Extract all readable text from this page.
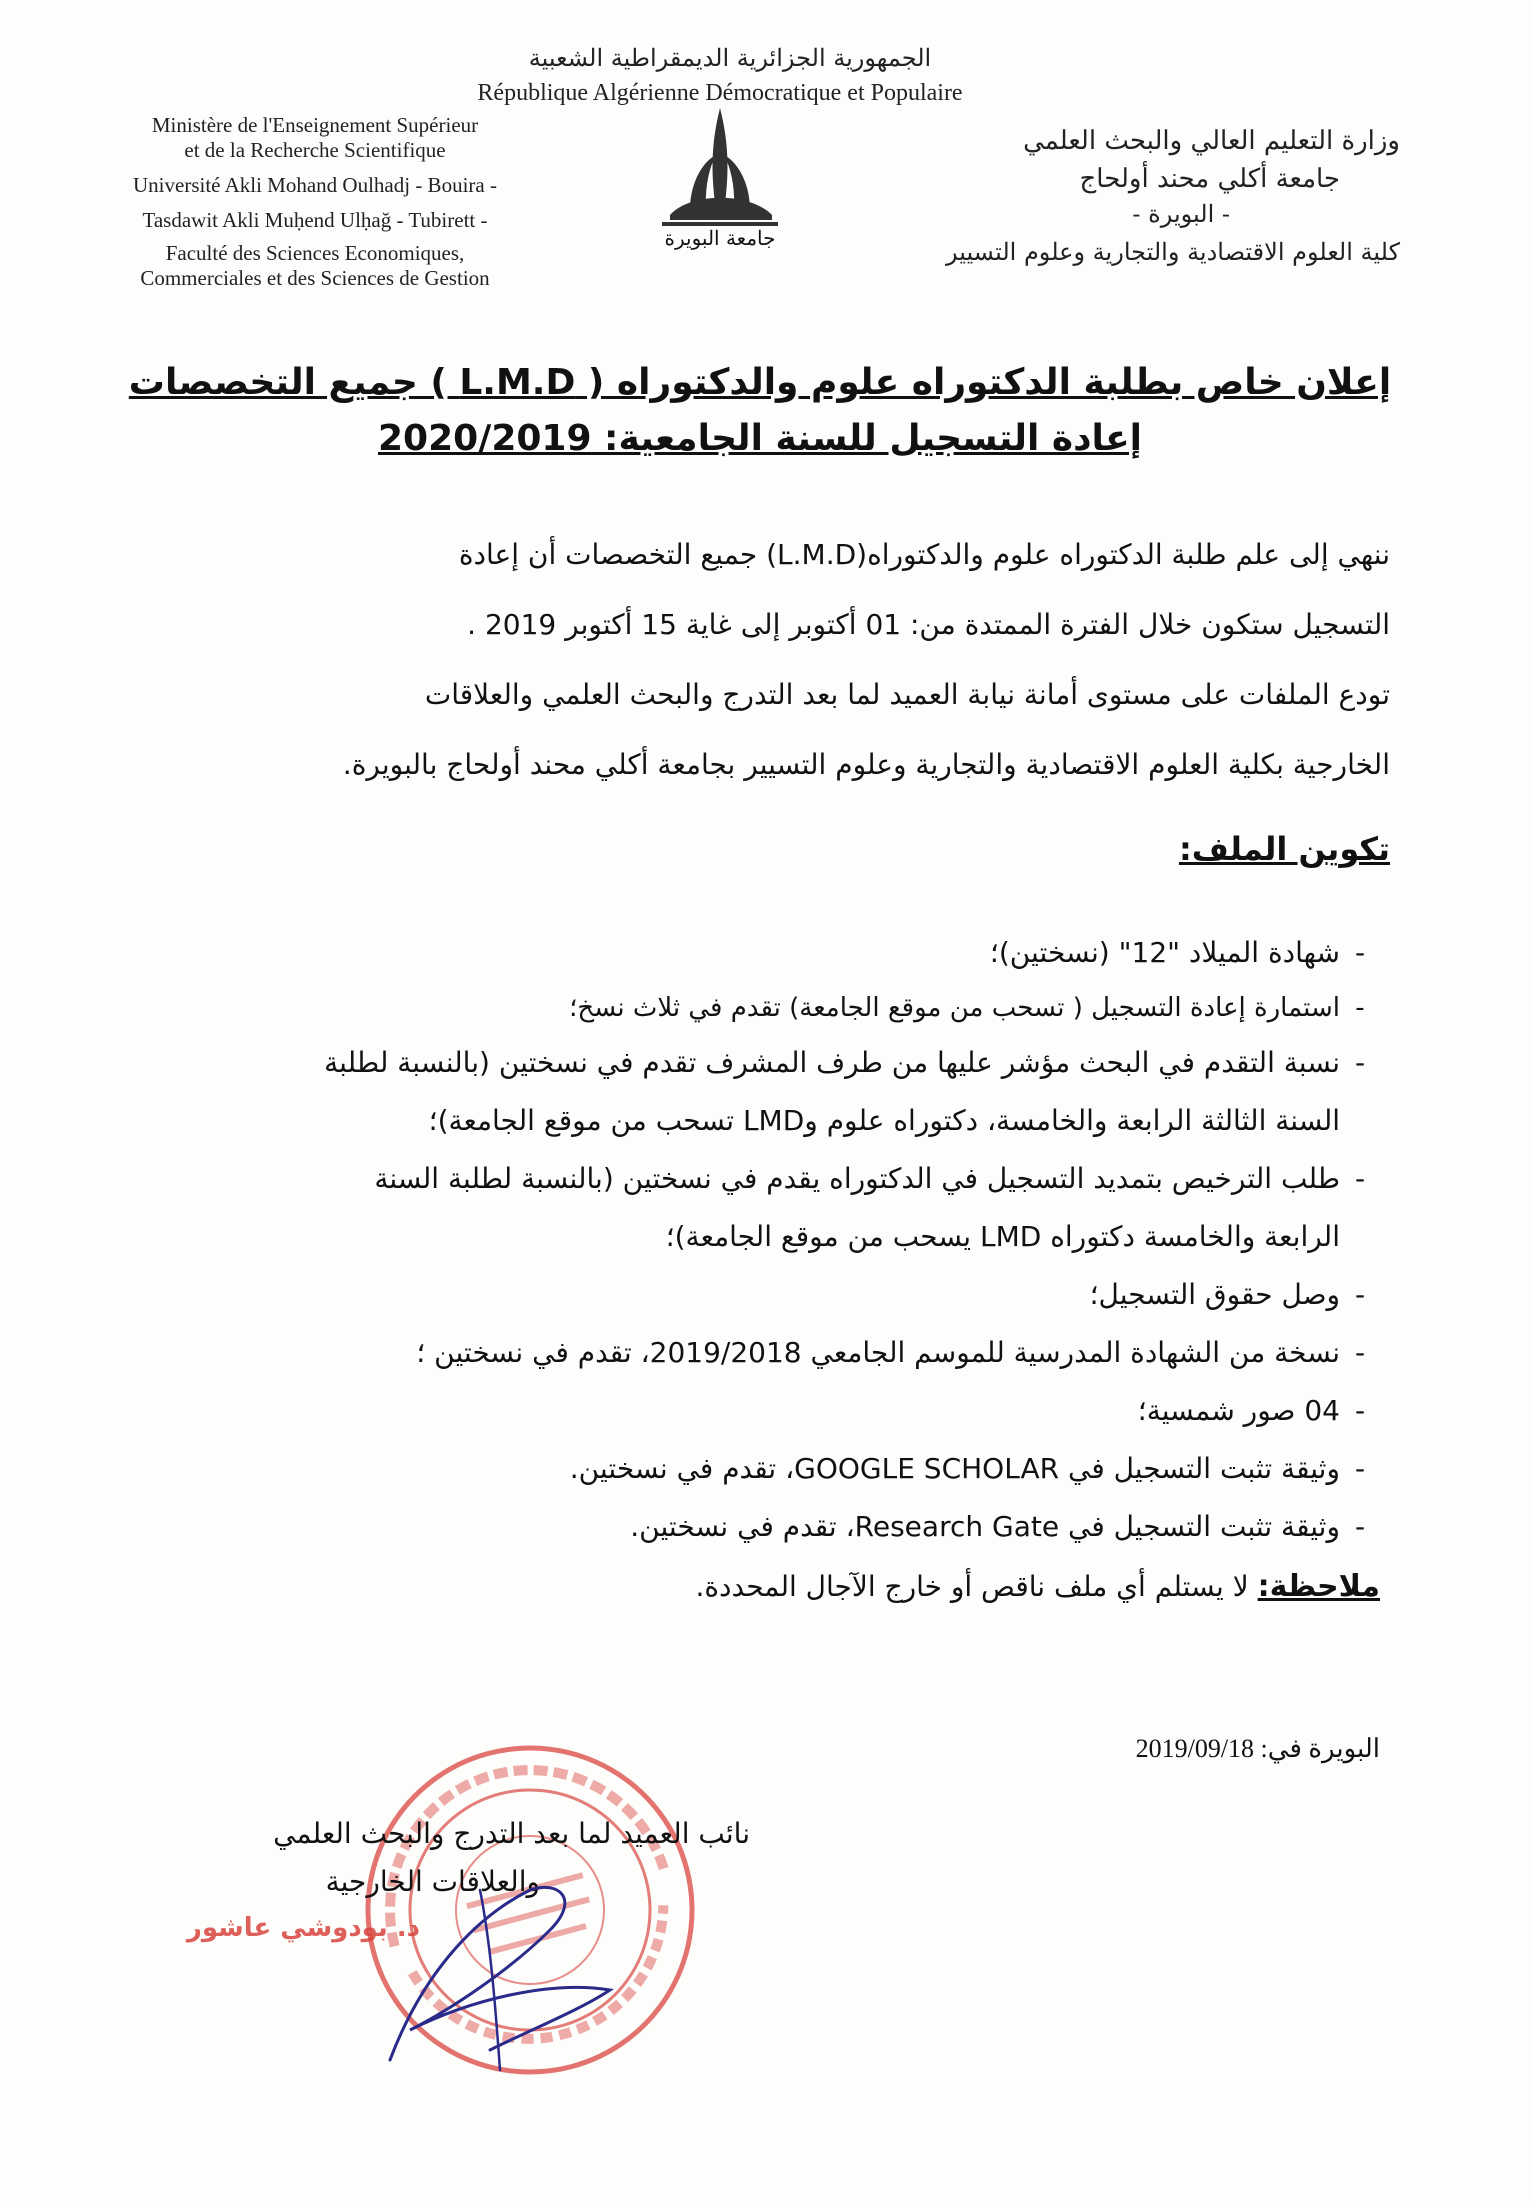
الجمهورية الجزائرية الديمقراطية الشعبية
République Algérienne Démocratique et Populaire
Ministère de l'Enseignement Supérieur
et de la Recherche Scientifique
Université Akli Mohand Oulhadj - Bouira -
Tasdawit Akli Muḥend Ulḥağ - Tubirett -
Faculté des Sciences Economiques,
Commerciales et des Sciences de Gestion
جامعة البويرة
وزارة التعليم العالي والبحث العلمي
جامعة أكلي محند أولحاج
- البويرة -
كلية العلوم الاقتصادية والتجارية وعلوم التسيير
إعلان خاص بطلبة الدكتوراه علوم والدكتوراه ( L.M.D ) جميع التخصصات
إعادة التسجيل للسنة الجامعية: 2020/2019
ننهي إلى علم طلبة الدكتوراه علوم والدكتوراه(L.M.D) جميع التخصصات أن إعادة
التسجيل ستكون خلال الفترة الممتدة من: 01 أكتوبر إلى غاية 15 أكتوبر 2019 .
تودع الملفات على مستوى أمانة نيابة العميد لما بعد التدرج والبحث العلمي والعلاقات
الخارجية بكلية العلوم الاقتصادية والتجارية وعلوم التسيير بجامعة أكلي محند أولحاج بالبويرة.
تكوين الملف:
-شهادة الميلاد "12" (نسختين)؛
-استمارة إعادة التسجيل ( تسحب من موقع الجامعة) تقدم في ثلاث نسخ؛
-نسبة التقدم في البحث مؤشر عليها من طرف المشرف تقدم في نسختين (بالنسبة لطلبة
السنة الثالثة الرابعة والخامسة، دكتوراه علوم وLMD تسحب من موقع الجامعة)؛
-طلب الترخيص بتمديد التسجيل في الدكتوراه يقدم في نسختين (بالنسبة لطلبة السنة
الرابعة والخامسة دكتوراه LMD يسحب من موقع الجامعة)؛
-وصل حقوق التسجيل؛
-نسخة من الشهادة المدرسية للموسم الجامعي 2019/2018، تقدم في نسختين ؛
-04 صور شمسية؛
-وثيقة تثبت التسجيل في GOOGLE SCHOLAR، تقدم في نسختين.
-وثيقة تثبت التسجيل في Research Gate، تقدم في نسختين.
ملاحظة: لا يستلم أي ملف ناقص أو خارج الآجال المحددة.
البويرة في: 2019/09/18
نائب العميد لما بعد التدرج والبحث العلمي
والعلاقات الخارجية
د. بودوشي عاشور
